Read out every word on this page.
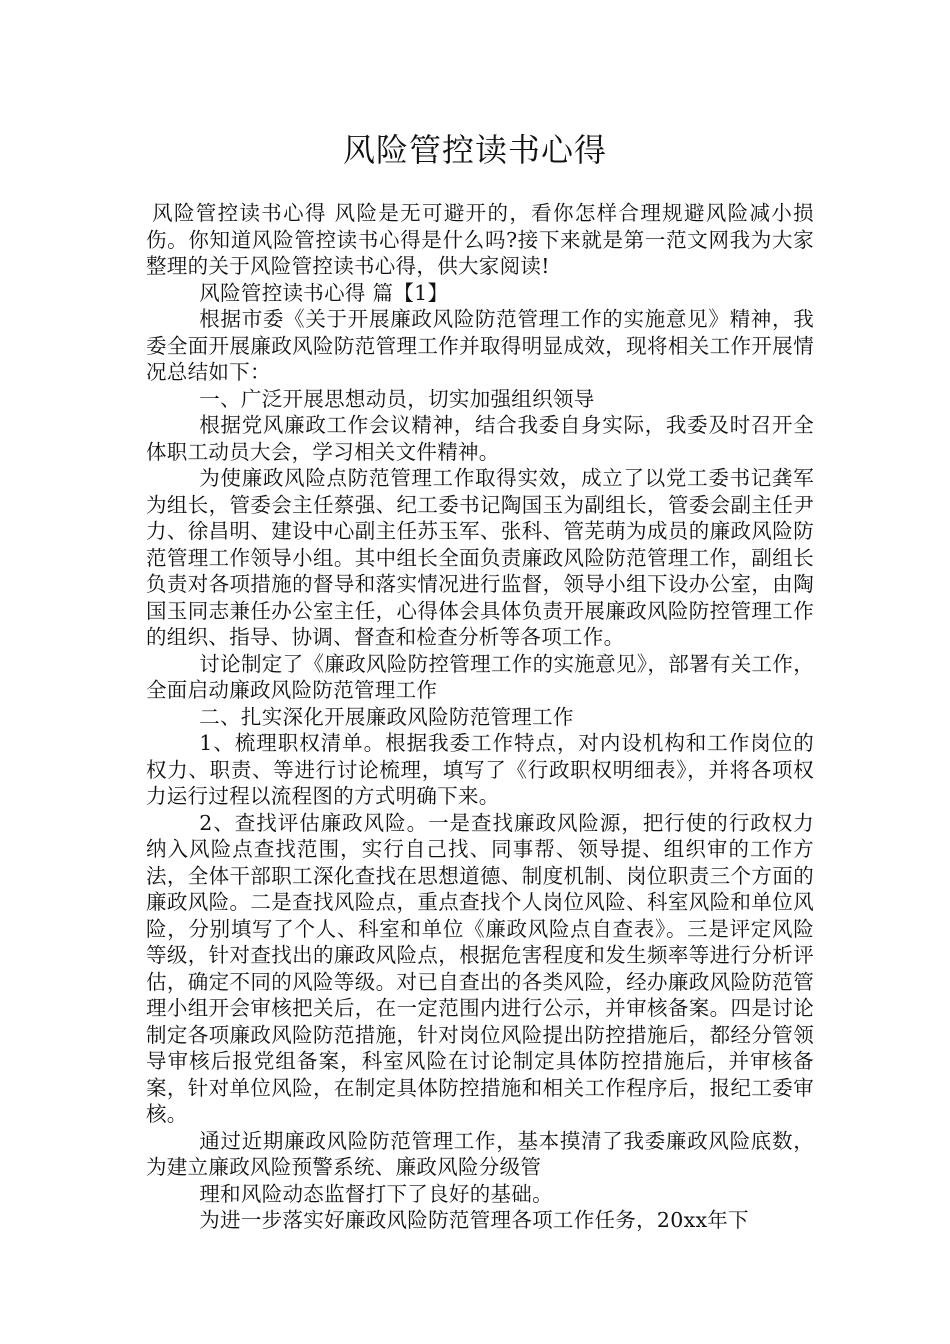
风险管控读书心得

风险管控读书心得 风险是无可避开的，看你怎样合理规避风险减小损伤。你知道风险管控读书心得是什么吗?接下来就是第一范文网我为大家整理的关于风险管控读书心得，供大家阅读!

风险管控读书心得 篇【1】

根据市委《关于开展廉政风险防范管理工作的实施意见》精神，我委全面开展廉政风险防范管理工作并取得明显成效，现将相关工作开展情况总结如下：

一、广泛开展思想动员，切实加强组织领导

根据党风廉政工作会议精神，结合我委自身实际，我委及时召开全体职工动员大会，学习相关文件精神。

为使廉政风险点防范管理工作取得实效，成立了以党工委书记龚军为组长，管委会主任蔡强、纪工委书记陶国玉为副组长，管委会副主任尹力、徐昌明、建设中心副主任苏玉军、张科、管芜萌为成员的廉政风险防范管理工作领导小组。其中组长全面负责廉政风险防范管理工作，副组长负责对各项措施的督导和落实情况进行监督，领导小组下设办公室，由陶国玉同志兼任办公室主任，心得体会具体负责开展廉政风险防控管理工作的组织、指导、协调、督查和检查分析等各项工作。

讨论制定了《廉政风险防控管理工作的实施意见》，部署有关工作，全面启动廉政风险防范管理工作

二、扎实深化开展廉政风险防范管理工作

1、梳理职权清单。根据我委工作特点，对内设机构和工作岗位的权力、职责、等进行讨论梳理，填写了《行政职权明细表》，并将各项权力运行过程以流程图的方式明确下来。

2、查找评估廉政风险。一是查找廉政风险源，把行使的行政权力纳入风险点查找范围，实行自己找、同事帮、领导提、组织审的工作方法，全体干部职工深化查找在思想道德、制度机制、岗位职责三个方面的廉政风险。二是查找风险点，重点查找个人岗位风险、科室风险和单位风险，分别填写了个人、科室和单位《廉政风险点自查表》。三是评定风险等级，针对查找出的廉政风险点，根据危害程度和发生频率等进行分析评估，确定不同的风险等级。对已自查出的各类风险，经办廉政风险防范管理小组开会审核把关后，在一定范围内进行公示，并审核备案。四是讨论制定各项廉政风险防范措施，针对岗位风险提出防控措施后，都经分管领导审核后报党组备案，科室风险在讨论制定具体防控措施后，并审核备案，针对单位风险，在制定具体防控措施和相关工作程序后，报纪工委审核。

通过近期廉政风险防范管理工作，基本摸清了我委廉政风险底数，为建立廉政风险预警系统、廉政风险分级管

理和风险动态监督打下了良好的基础。

为进一步落实好廉政风险防范管理各项工作任务，20xx年下
